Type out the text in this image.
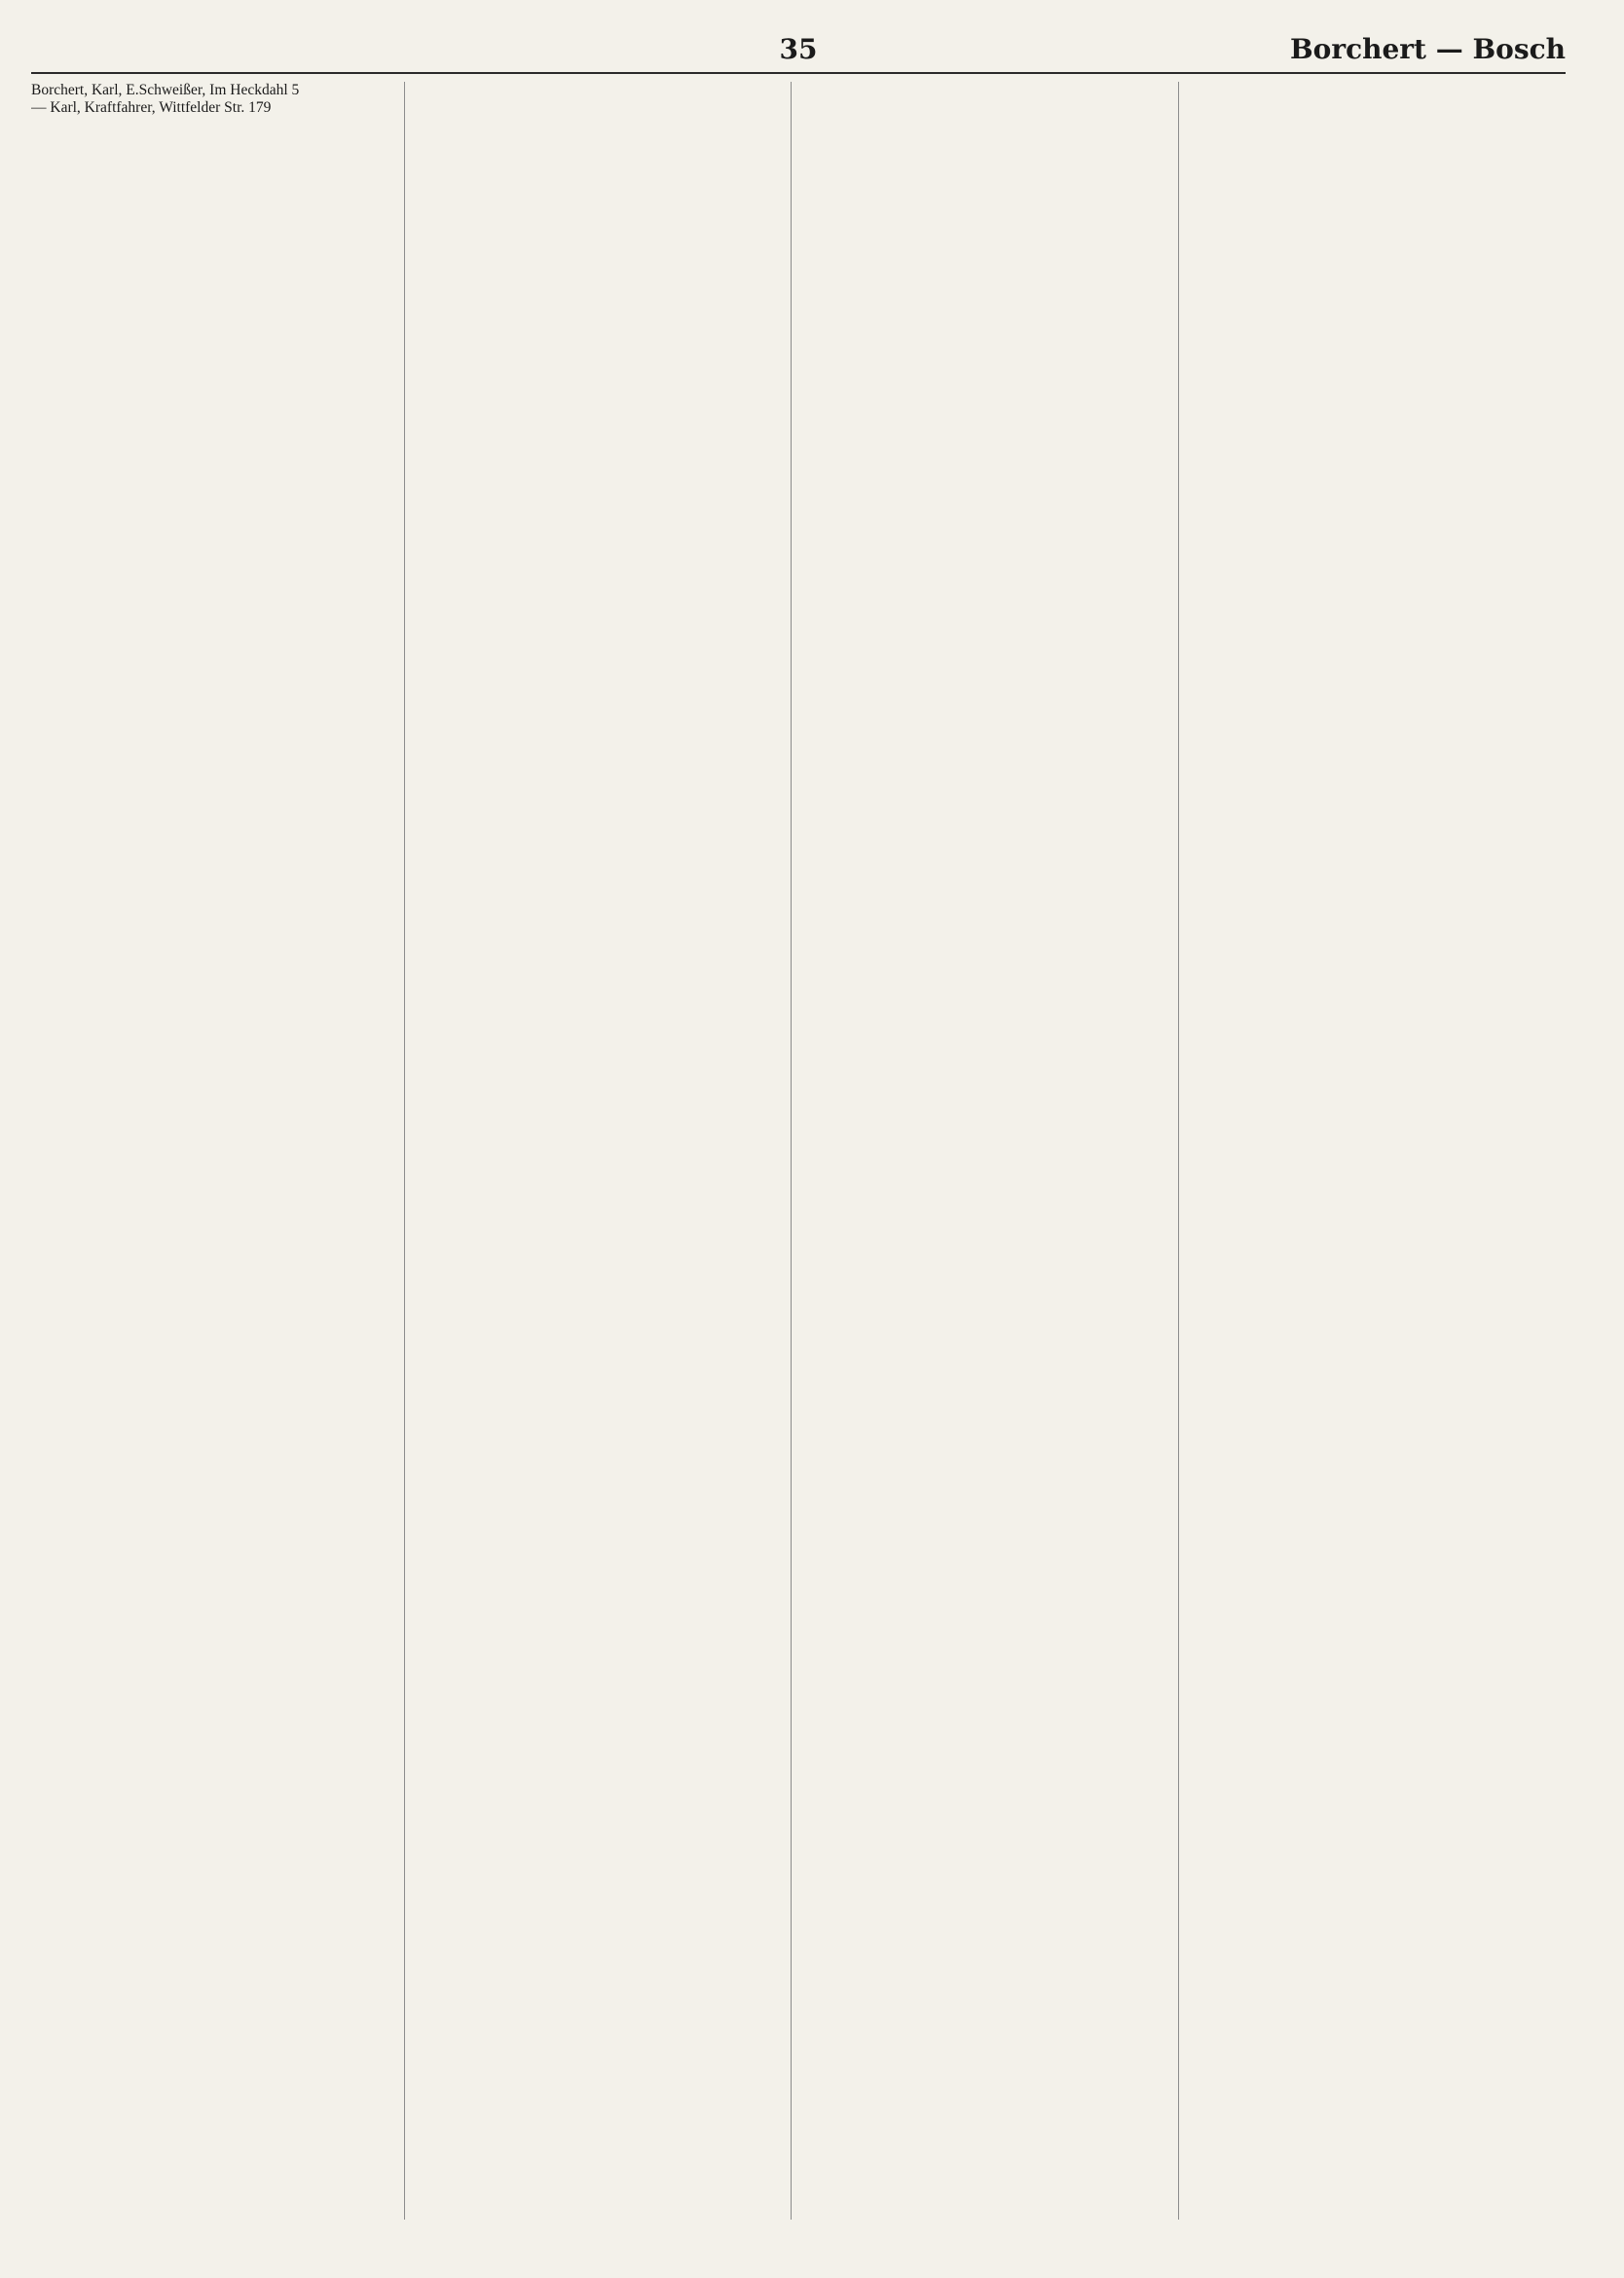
35	Borchert — Bosch
Borchert, Karl, E.Schweißer, Im Heckdahl 5
— Karl, Kraftfahrer, Wittfelder Str. 179
